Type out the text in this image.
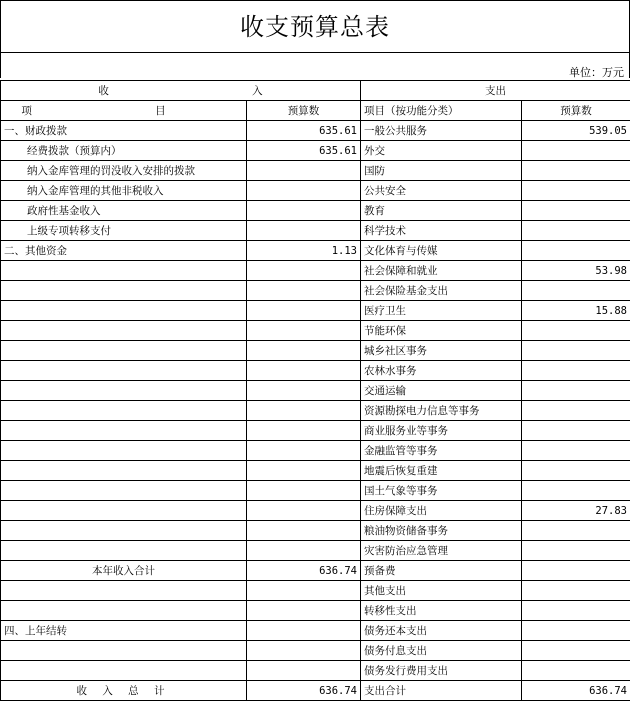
收支预算总表
单位：万元
收 入		支出	
项 目	预算数	项目（按功能分类）	预算数
一、财政拨款	635.61	一般公共服务	539.05
经费拨款（预算内）	635.61	外交	
纳入金库管理的罚没收入安排的拨款		国防	
纳入金库管理的其他非税收入		公共安全	
政府性基金收入		教育	
上级专项转移支付		科学技术	
二、其他资金	1.13	文化体育与传媒	
		社会保障和就业	53.98
		社会保险基金支出	
		医疗卫生	15.88
		节能环保	
		城乡社区事务	
		农林水事务	
		交通运输	
		资源勘探电力信息等事务	
		商业服务业等事务	
		金融监管等事务	
		地震后恢复重建	
		国土气象等事务	
		住房保障支出	27.83
		粮油物资储备事务	
		灾害防治应急管理	
本年收入合计	636.74	预备费	
		其他支出	
		转移性支出	
四、上年结转		债务还本支出	
		债务付息支出	
		债务发行费用支出	
收 入 总 计	636.74	支出合计	636.74
